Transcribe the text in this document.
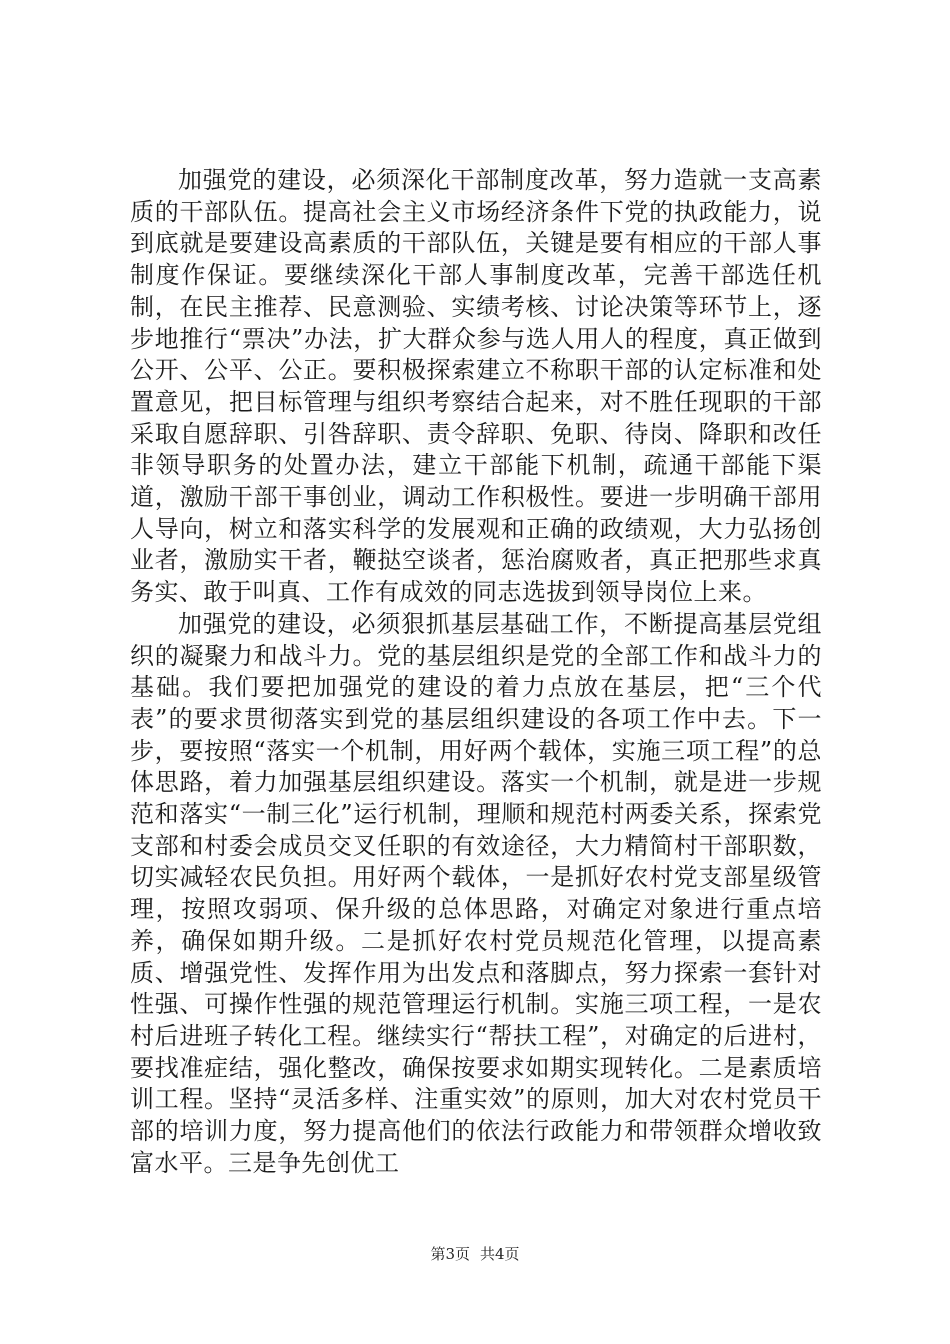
加强党的建设，必须深化干部制度改革，努力造就一支高素质的干部队伍。提高社会主义市场经济条件下党的执政能力，说到底就是要建设高素质的干部队伍，关键是要有相应的干部人事制度作保证。要继续深化干部人事制度改革，完善干部选任机制，在民主推荐、民意测验、实绩考核、讨论决策等环节上，逐步地推行“票决”办法，扩大群众参与选人用人的程度，真正做到公开、公平、公正。要积极探索建立不称职干部的认定标准和处置意见，把目标管理与组织考察结合起来，对不胜任现职的干部采取自愿辞职、引咎辞职、责令辞职、免职、待岗、降职和改任非领导职务的处置办法，建立干部能下机制，疏通干部能下渠道，激励干部干事创业，调动工作积极性。要进一步明确干部用人导向，树立和落实科学的发展观和正确的政绩观，大力弘扬创业者，激励实干者，鞭挞空谈者，惩治腐败者，真正把那些求真务实、敢于叫真、工作有成效的同志选拔到领导岗位上来。

加强党的建设，必须狠抓基层基础工作，不断提高基层党组织的凝聚力和战斗力。党的基层组织是党的全部工作和战斗力的基础。我们要把加强党的建设的着力点放在基层，把“三个代表”的要求贯彻落实到党的基层组织建设的各项工作中去。下一步，要按照“落实一个机制，用好两个载体，实施三项工程”的总体思路，着力加强基层组织建设。落实一个机制，就是进一步规范和落实“一制三化”运行机制，理顺和规范村两委关系，探索党支部和村委会成员交叉任职的有效途径，大力精简村干部职数，切实减轻农民负担。用好两个载体，一是抓好农村党支部星级管理，按照攻弱项、保升级的总体思路，对确定对象进行重点培养，确保如期升级。二是抓好农村党员规范化管理，以提高素质、增强党性、发挥作用为出发点和落脚点，努力探索一套针对性强、可操作性强的规范管理运行机制。实施三项工程，一是农村后进班子转化工程。继续实行“帮扶工程”，对确定的后进村，要找准症结，强化整改，确保按要求如期实现转化。二是素质培训工程。坚持“灵活多样、注重实效”的原则，加大对农村党员干部的培训力度，努力提高他们的依法行政能力和带领群众增收致富水平。三是争先创优工

第3页 共4页
